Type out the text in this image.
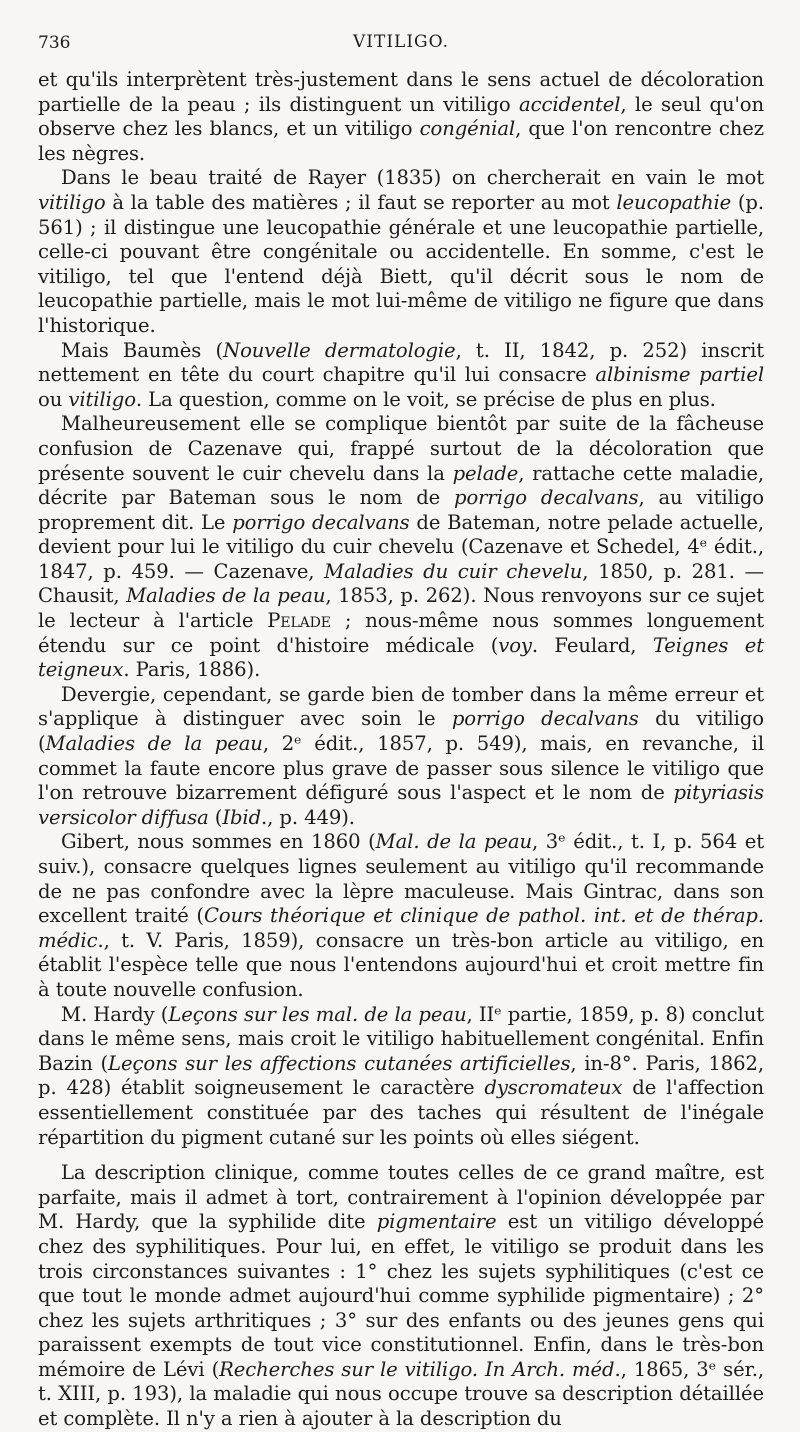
736	VITILIGO.

et qu'ils interprètent très-justement dans le sens actuel de décoloration partielle de la peau ; ils distinguent un vitiligo accidentel, le seul qu'on observe chez les blancs, et un vitiligo congénial, que l'on rencontre chez les nègres.

Dans le beau traité de Rayer (1835) on chercherait en vain le mot vitiligo à la table des matières ; il faut se reporter au mot leucopathie (p. 561) ; il distingue une leucopathie générale et une leucopathie partielle, celle-ci pouvant être congénitale ou accidentelle. En somme, c'est le vitiligo, tel que l'entend déjà Biett, qu'il décrit sous le nom de leucopathie partielle, mais le mot lui-même de vitiligo ne figure que dans l'historique.

Mais Baumès (Nouvelle dermatologie, t. II, 1842, p. 252) inscrit nettement en tête du court chapitre qu'il lui consacre albinisme partiel ou vitiligo. La question, comme on le voit, se précise de plus en plus.

Malheureusement elle se complique bientôt par suite de la fâcheuse confusion de Cazenave qui, frappé surtout de la décoloration que présente souvent le cuir chevelu dans la pelade, rattache cette maladie, décrite par Bateman sous le nom de porrigo decalvans, au vitiligo proprement dit. Le porrigo decalvans de Bateman, notre pelade actuelle, devient pour lui le vitiligo du cuir chevelu (Cazenave et Schedel, 4ᵉ édit., 1847, p. 459. — Cazenave, Maladies du cuir chevelu, 1850, p. 281. — Chausit, Maladies de la peau, 1853, p. 262). Nous renvoyons sur ce sujet le lecteur à l'article Pelade ; nous-même nous sommes longuement étendu sur ce point d'histoire médicale (voy. Feulard, Teignes et teigneux. Paris, 1886).

Devergie, cependant, se garde bien de tomber dans la même erreur et s'applique à distinguer avec soin le porrigo decalvans du vitiligo (Maladies de la peau, 2ᵉ édit., 1857, p. 549), mais, en revanche, il commet la faute encore plus grave de passer sous silence le vitiligo que l'on retrouve bizarrement défiguré sous l'aspect et le nom de pityriasis versicolor diffusa (Ibid., p. 449).

Gibert, nous sommes en 1860 (Mal. de la peau, 3ᵉ édit., t. I, p. 564 et suiv.), consacre quelques lignes seulement au vitiligo qu'il recommande de ne pas confondre avec la lèpre maculeuse. Mais Gintrac, dans son excellent traité (Cours théorique et clinique de pathol. int. et de thérap. médic., t. V. Paris, 1859), consacre un très-bon article au vitiligo, en établit l'espèce telle que nous l'entendons aujourd'hui et croit mettre fin à toute nouvelle confusion.

M. Hardy (Leçons sur les mal. de la peau, IIᵉ partie, 1859, p. 8) conclut dans le même sens, mais croit le vitiligo habituellement congénital. Enfin Bazin (Leçons sur les affections cutanées artificielles, in-8°. Paris, 1862, p. 428) établit soigneusement le caractère dyscromateux de l'affection essentiellement constituée par des taches qui résultent de l'inégale répartition du pigment cutané sur les points où elles siégent.

La description clinique, comme toutes celles de ce grand maître, est parfaite, mais il admet à tort, contrairement à l'opinion développée par M. Hardy, que la syphilide dite pigmentaire est un vitiligo développé chez des syphilitiques. Pour lui, en effet, le vitiligo se produit dans les trois circonstances suivantes : 1° chez les sujets syphilitiques (c'est ce que tout le monde admet aujourd'hui comme syphilide pigmentaire) ; 2° chez les sujets arthritiques ; 3° sur des enfants ou des jeunes gens qui paraissent exempts de tout vice constitutionnel. Enfin, dans le très-bon mémoire de Lévi (Recherches sur le vitiligo. In Arch. méd., 1865, 3ᵉ sér., t. XIII, p. 193), la maladie qui nous occupe trouve sa description détaillée et complète. Il n'y a rien à ajouter à la description du
